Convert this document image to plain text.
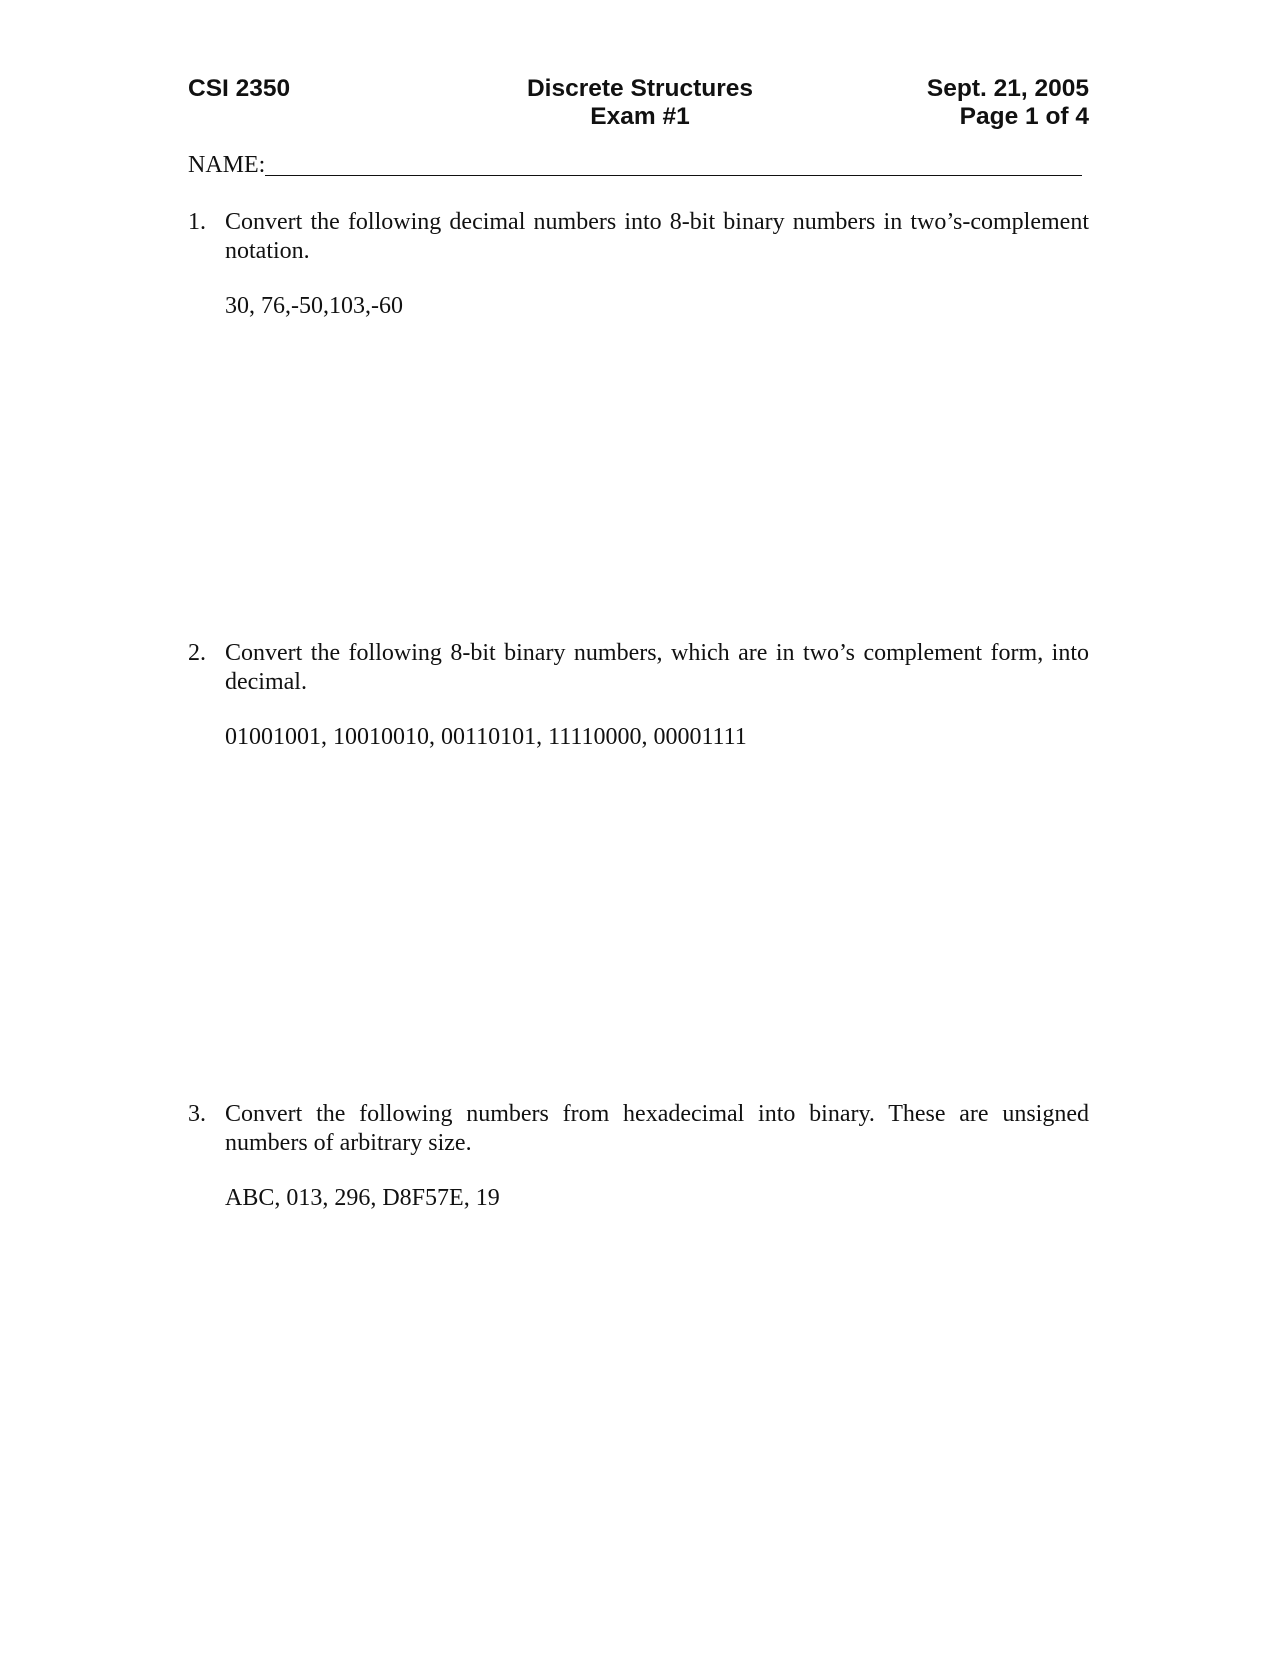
CSI 2350	Discrete Structures
Exam #1
Sept. 21, 2005
Page 1 of 4
NAME:
1. Convert the following decimal numbers into 8-bit binary numbers in two’s-complement notation.
30, 76,-50,103,-60
2. Convert the following 8-bit binary numbers, which are in two’s complement form, into decimal.
01001001, 10010010, 00110101, 11110000, 00001111
3. Convert the following numbers from hexadecimal into binary. These are unsigned numbers of arbitrary size.
ABC, 013, 296, D8F57E, 19
